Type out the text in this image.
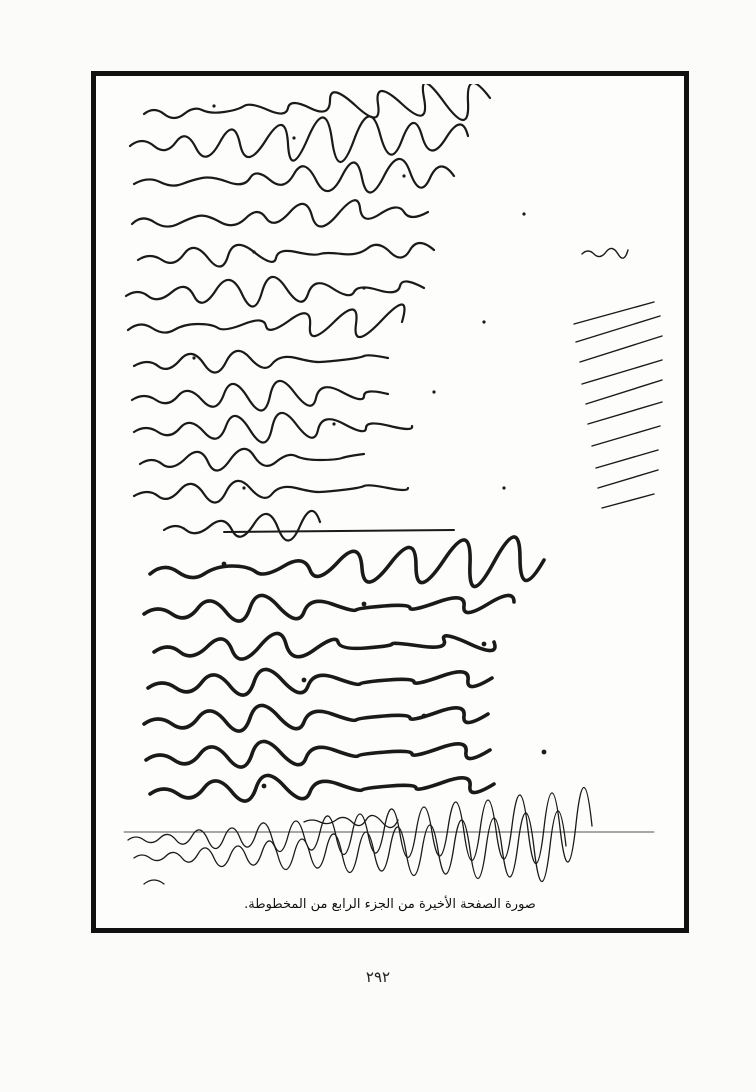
صورة الصفحة الأخيرة من الجزء الرابع من المخطوطة.
٢٩٢
